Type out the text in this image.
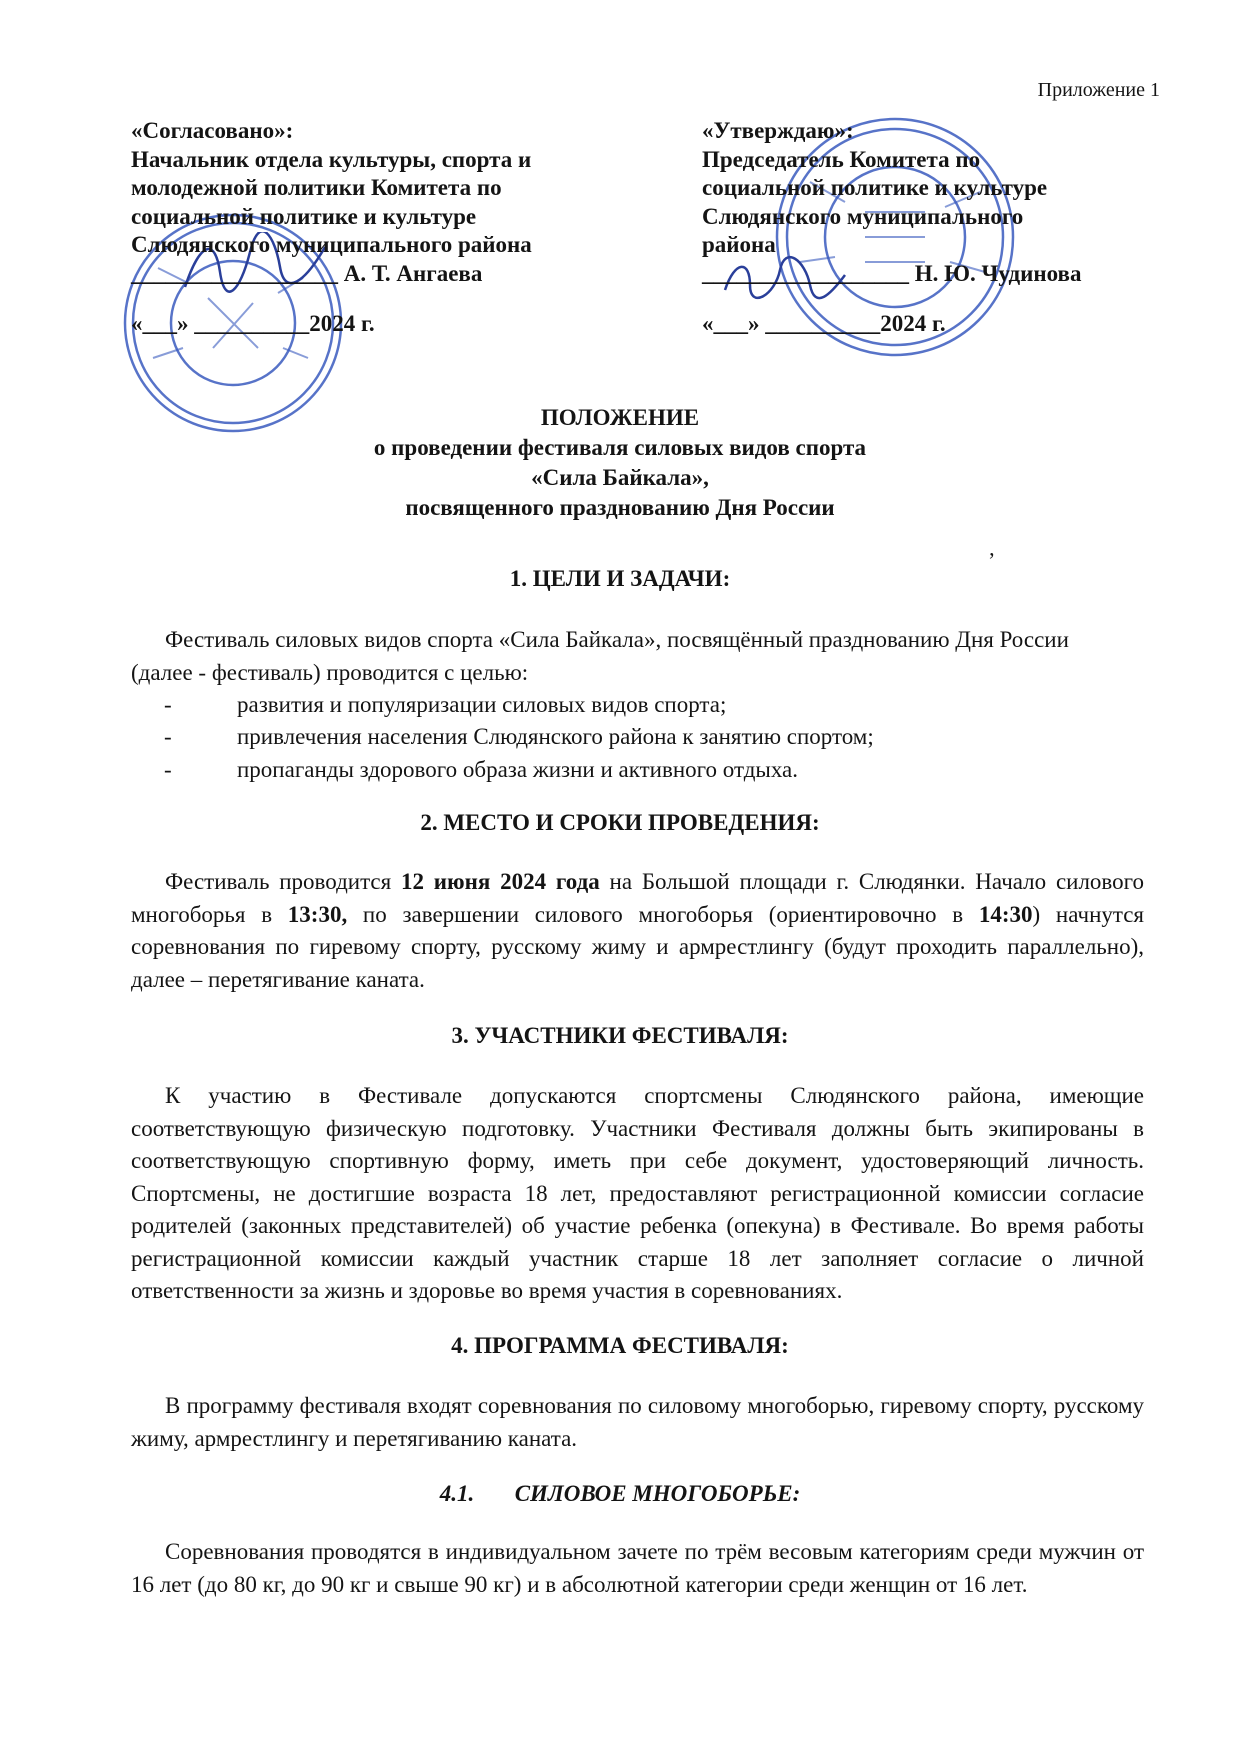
Приложение 1
«Согласовано»:
Начальник отдела культуры, спорта и
молодежной политики Комитета по
социальной политике и культуре
Слюдянского муниципального района
__________________ А. Т. Ангаева
«___» __________2024 г.
«Утверждаю»:
Председатель Комитета по
социальной политике и культуре
Слюдянского муниципального
района
__________________ Н. Ю. Чудинова
«___» __________2024 г.
ПОЛОЖЕНИЕ
о проведении фестиваля силовых видов спорта
«Сила Байкала»,
посвященного празднованию Дня России
ʼ
1. ЦЕЛИ И ЗАДАЧИ:
Фестиваль силовых видов спорта «Сила Байкала», посвящённый празднованию Дня России
(далее - фестиваль) проводится с целью:
-	развития и популяризации силовых видов спорта;
-	привлечения населения Слюдянского района к занятию спортом;
-	пропаганды здорового образа жизни и активного отдыха.
2. МЕСТО И СРОКИ ПРОВЕДЕНИЯ:
Фестиваль проводится 12 июня 2024 года на Большой площади г. Слюдянки. Начало силового многоборья в 13:30, по завершении силового многоборья (ориентировочно в 14:30) начнутся соревнования по гиревому спорту, русскому жиму и армрестлингу (будут проходить параллельно), далее – перетягивание каната.
3. УЧАСТНИКИ ФЕСТИВАЛЯ:
К участию в Фестивале допускаются спортсмены Слюдянского района, имеющие соответствующую физическую подготовку. Участники Фестиваля должны быть экипированы в соответствующую спортивную форму, иметь при себе документ, удостоверяющий личность. Спортсмены, не достигшие возраста 18 лет, предоставляют регистрационной комиссии согласие родителей (законных представителей) об участие ребенка (опекуна) в Фестивале. Во время работы регистрационной комиссии каждый участник старше 18 лет заполняет согласие о личной ответственности за жизнь и здоровье во время участия в соревнованиях.
4. ПРОГРАММА ФЕСТИВАЛЯ:
В программу фестиваля входят соревнования по силовому многоборью, гиревому спорту, русскому жиму, армрестлингу и перетягиванию каната.
4.1. СИЛОВОЕ МНОГОБОРЬЕ:
Соревнования проводятся в индивидуальном зачете по трём весовым категориям среди мужчин от 16 лет (до 80 кг, до 90 кг и свыше 90 кг) и в абсолютной категории среди женщин от 16 лет.
